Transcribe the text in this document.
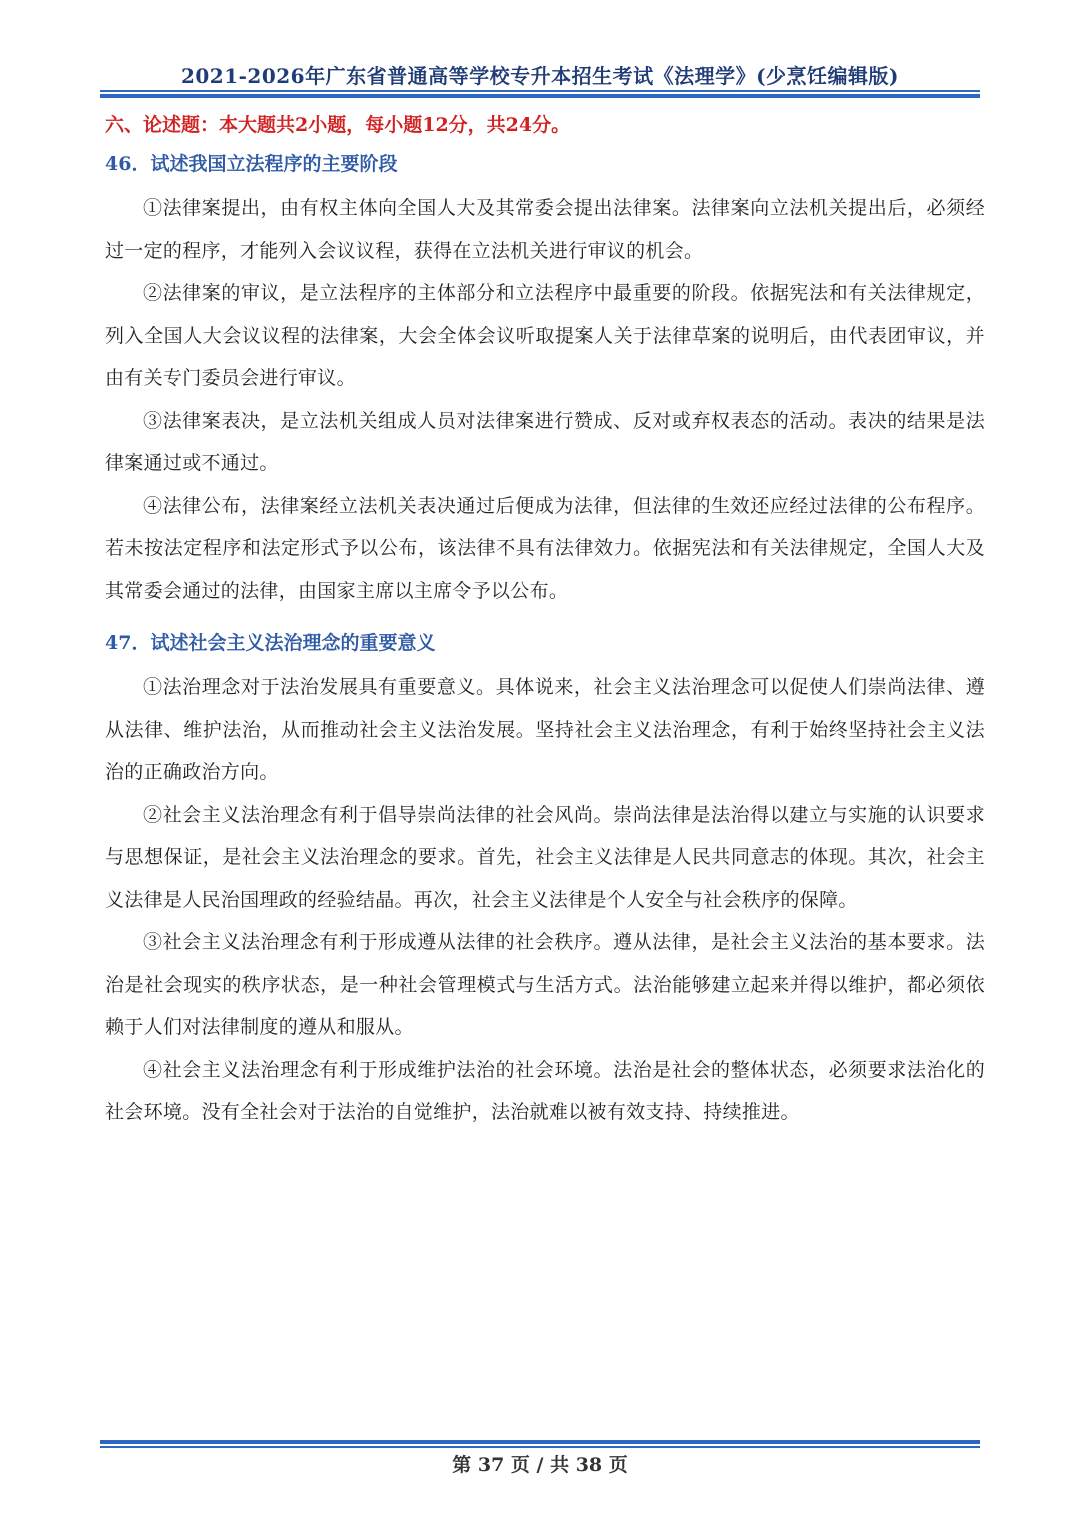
2021-2026年广东省普通高等学校专升本招生考试《法理学》(少烹饪编辑版)
六、论述题：本大题共2小题，每小题12分，共24分。
46．试述我国立法程序的主要阶段

①法律案提出，由有权主体向全国人大及其常委会提出法律案。法律案向立法机关提出后，必须经过一定的程序，才能列入会议议程，获得在立法机关进行审议的机会。

②法律案的审议，是立法程序的主体部分和立法程序中最重要的阶段。依据宪法和有关法律规定，列入全国人大会议议程的法律案，大会全体会议听取提案人关于法律草案的说明后，由代表团审议，并由有关专门委员会进行审议。

③法律案表决，是立法机关组成人员对法律案进行赞成、反对或弃权表态的活动。表决的结果是法律案通过或不通过。

④法律公布，法律案经立法机关表决通过后便成为法律，但法律的生效还应经过法律的公布程序。若未按法定程序和法定形式予以公布，该法律不具有法律效力。依据宪法和有关法律规定，全国人大及其常委会通过的法律，由国家主席以主席令予以公布。

47．试述社会主义法治理念的重要意义

①法治理念对于法治发展具有重要意义。具体说来，社会主义法治理念可以促使人们崇尚法律、遵从法律、维护法治，从而推动社会主义法治发展。坚持社会主义法治理念，有利于始终坚持社会主义法治的正确政治方向。

②社会主义法治理念有利于倡导崇尚法律的社会风尚。崇尚法律是法治得以建立与实施的认识要求与思想保证，是社会主义法治理念的要求。首先，社会主义法律是人民共同意志的体现。其次，社会主义法律是人民治国理政的经验结晶。再次，社会主义法律是个人安全与社会秩序的保障。

③社会主义法治理念有利于形成遵从法律的社会秩序。遵从法律，是社会主义法治的基本要求。法治是社会现实的秩序状态，是一种社会管理模式与生活方式。法治能够建立起来并得以维护，都必须依赖于人们对法律制度的遵从和服从。

④社会主义法治理念有利于形成维护法治的社会环境。法治是社会的整体状态，必须要求法治化的社会环境。没有全社会对于法治的自觉维护，法治就难以被有效支持、持续推进。

第 37 页 / 共 38 页
